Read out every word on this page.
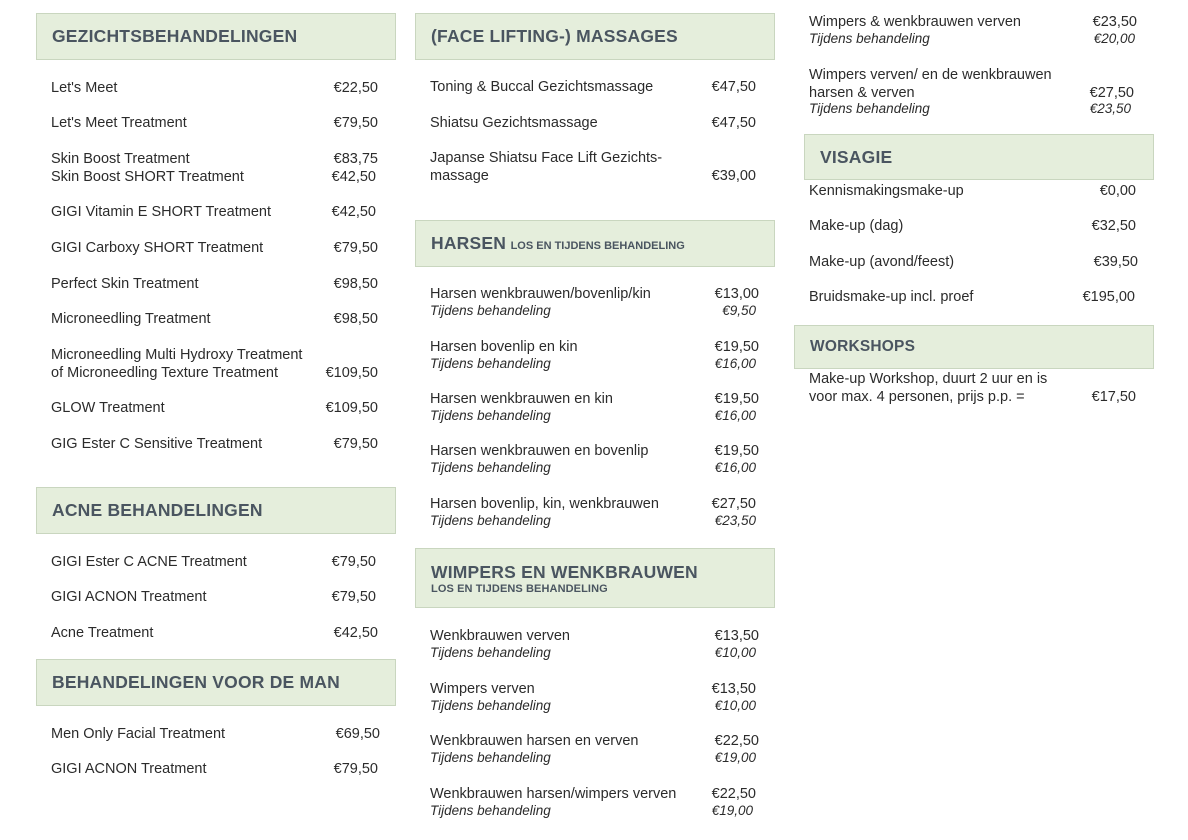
GEZICHTSBEHANDELINGEN
Let's Meet	€22,50
Let's Meet Treatment	€79,50
Skin Boost Treatment	€83,75
Skin Boost SHORT Treatment	€42,50
GIGI Vitamin E SHORT Treatment	€42,50
GIGI Carboxy SHORT Treatment	€79,50
Perfect Skin Treatment	€98,50
Microneedling Treatment	€98,50
Microneedling Multi Hydroxy Treatment
of Microneedling Texture Treatment	€109,50
GLOW Treatment	€109,50
GIG Ester C Sensitive Treatment	€79,50
ACNE BEHANDELINGEN
GIGI Ester C ACNE Treatment	€79,50
GIGI ACNON Treatment	€79,50
Acne Treatment	€42,50
BEHANDELINGEN VOOR DE MAN
Men Only Facial Treatment	€69,50
GIGI ACNON Treatment	€79,50
(FACE LIFTING-) MASSAGES
Toning & Buccal Gezichtsmassage	€47,50
Shiatsu Gezichtsmassage	€47,50
Japanse Shiatsu Face Lift Gezichts-
massage	€39,00
HARSEN LOS EN TIJDENS BEHANDELING
Harsen wenkbrauwen/bovenlip/kin	€13,00
Tijdens behandeling	€9,50
Harsen bovenlip en kin	€19,50
Tijdens behandeling	€16,00
Harsen wenkbrauwen en kin	€19,50
Tijdens behandeling	€16,00
Harsen wenkbrauwen en bovenlip	€19,50
Tijdens behandeling	€16,00
Harsen bovenlip, kin, wenkbrauwen	€27,50
Tijdens behandeling	€23,50
WIMPERS EN WENKBRAUWEN
LOS EN TIJDENS BEHANDELING
Wenkbrauwen verven	€13,50
Tijdens behandeling	€10,00
Wimpers verven	€13,50
Tijdens behandeling	€10,00
Wenkbrauwen harsen en verven	€22,50
Tijdens behandeling	€19,00
Wenkbrauwen harsen/wimpers verven €22,50
Tijdens behandeling	€19,00
Wimpers & wenkbrauwen verven	€23,50
Tijdens behandeling	€20,00
Wimpers verven/ en de wenkbrauwen
harsen & verven	€27,50
Tijdens behandeling	€23,50
VISAGIE
Kennismakingsmake-up	€0,00
Make-up (dag)	€32,50
Make-up (avond/feest)	€39,50
Bruidsmake-up incl. proef	€195,00
WORKSHOPS
Make-up Workshop, duurt 2 uur en is
voor max. 4 personen, prijs p.p. =	€17,50
